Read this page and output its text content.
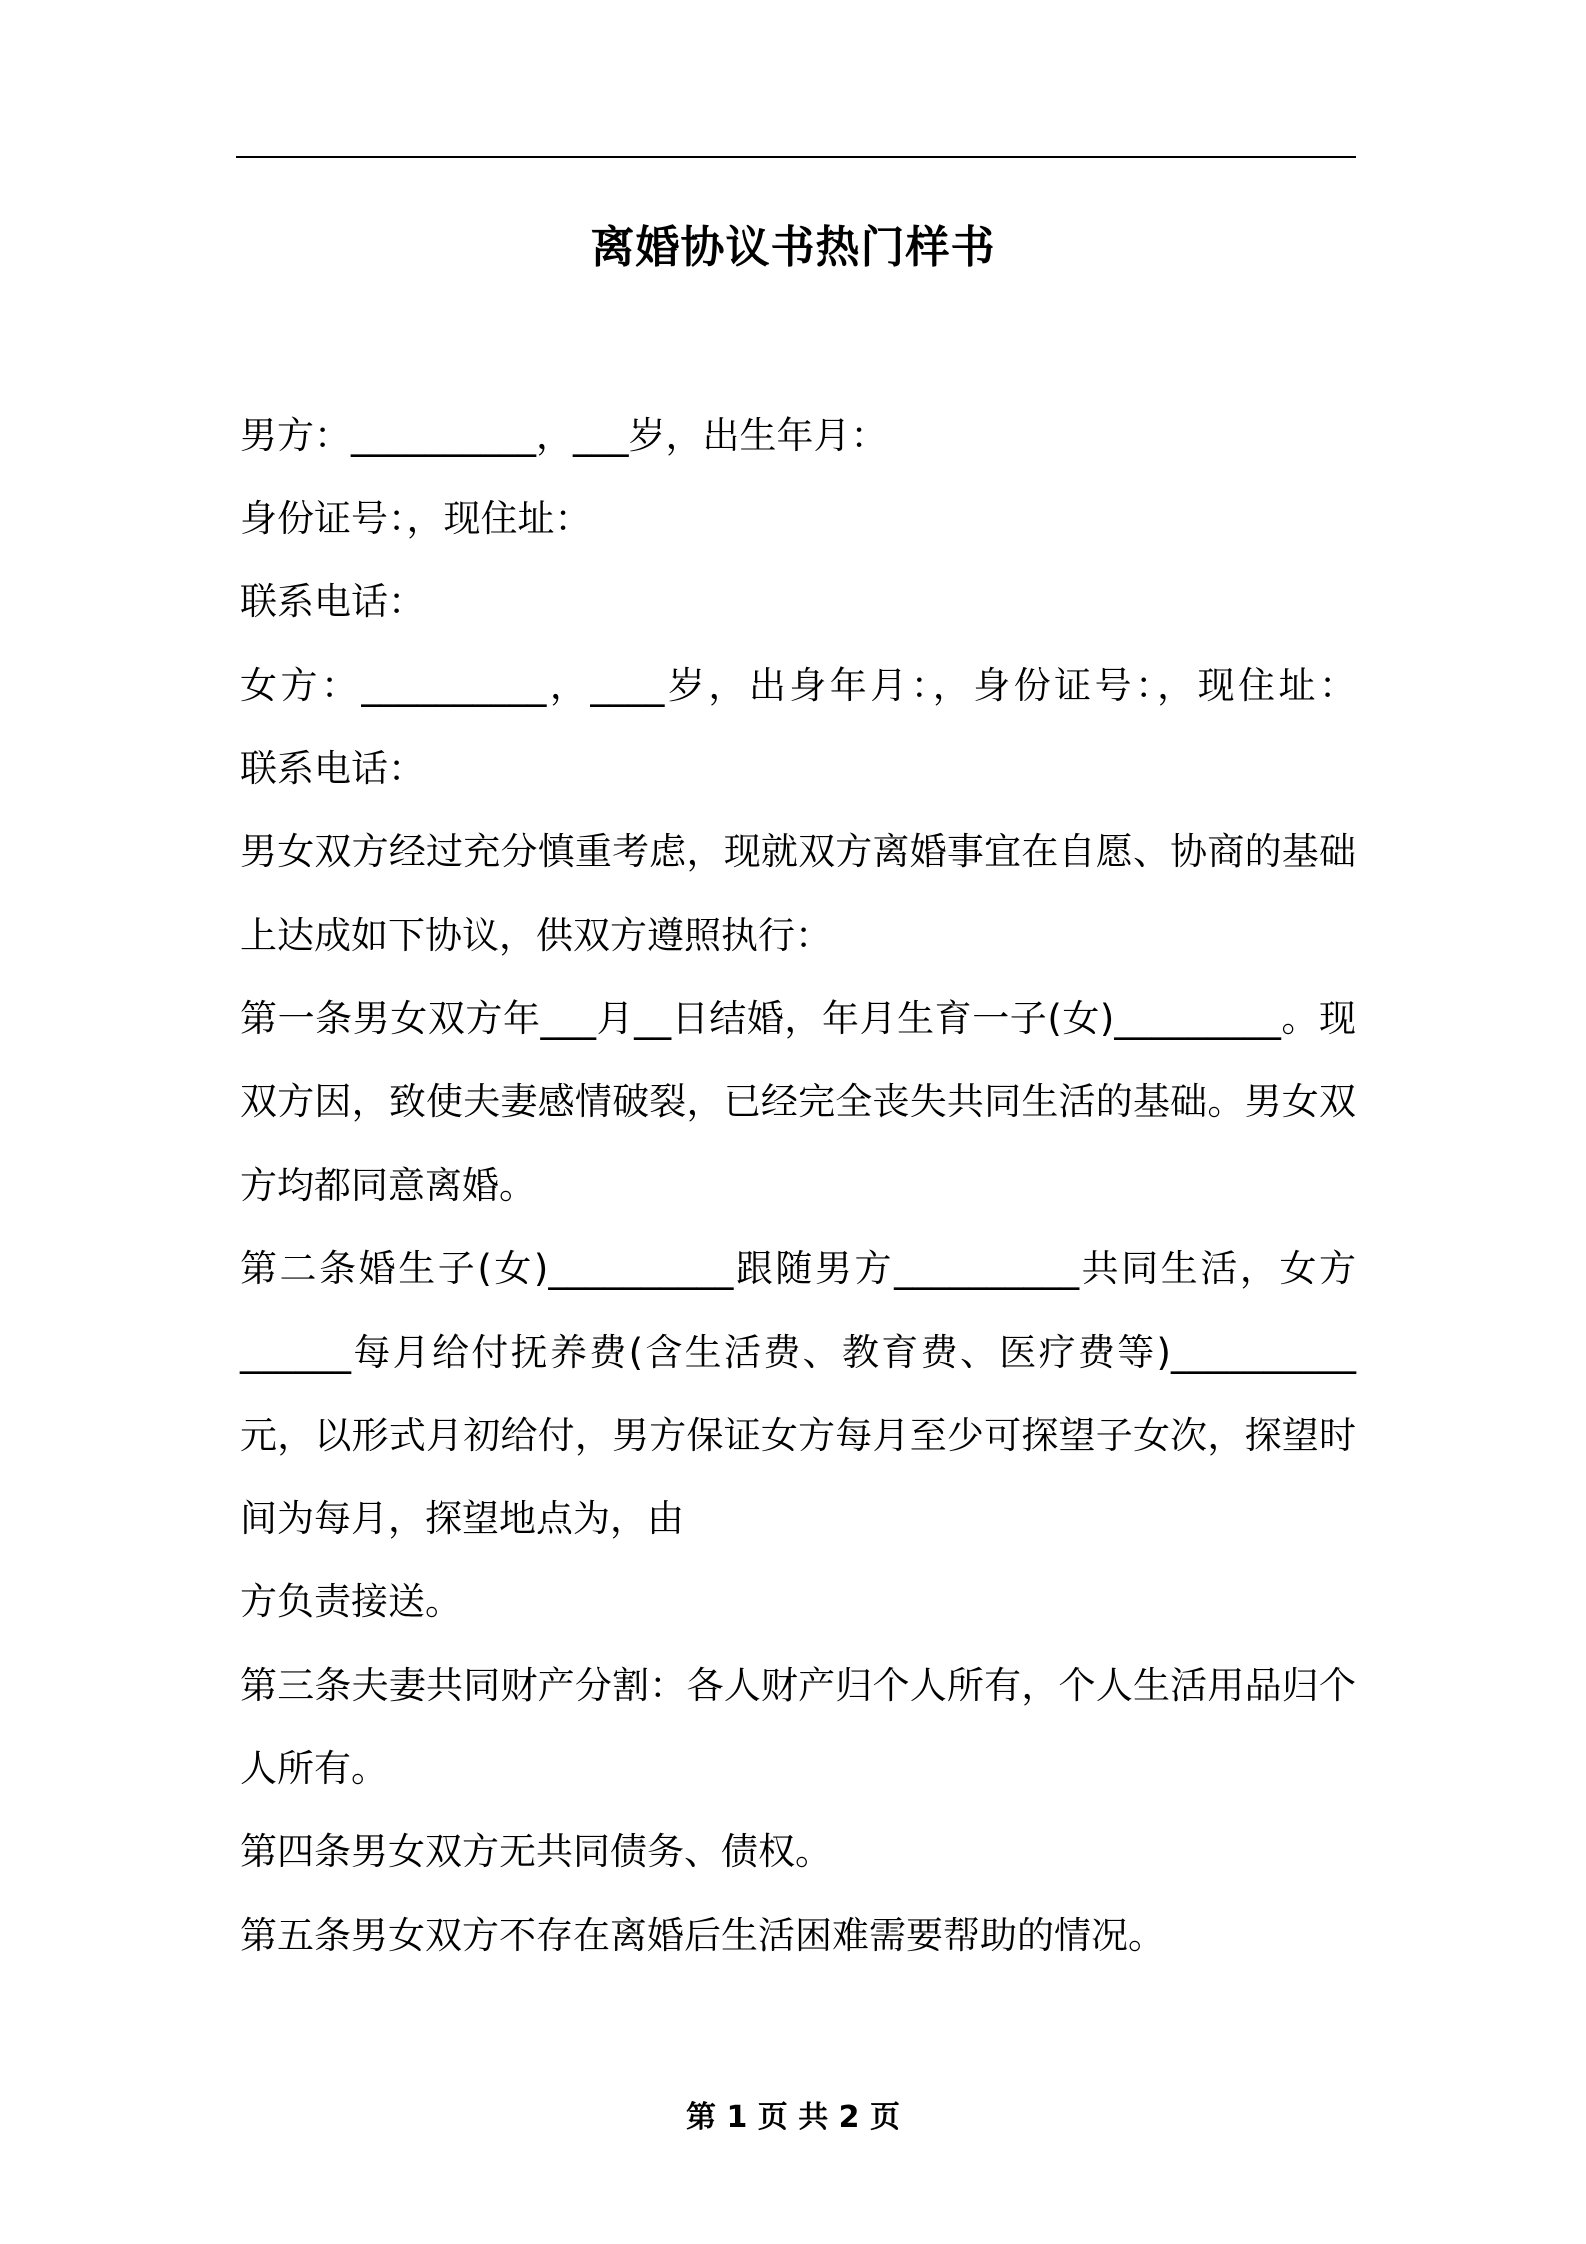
离婚协议书热门样书
男方：__________，___岁，出生年月：
身份证号：，现住址：
联系电话：
女方：__________，____岁，出身年月：，身份证号：，现住址：
联系电话：
男女双方经过充分慎重考虑，现就双方离婚事宜在自愿、协商的基础
上达成如下协议，供双方遵照执行：
第一条男女双方年___月__日结婚，年月生育一子(女)_________。现
双方因，致使夫妻感情破裂，已经完全丧失共同生活的基础。男女双
方均都同意离婚。
第二条婚生子(女)__________跟随男方__________共同生活，女方
______每月给付抚养费(含生活费、教育费、医疗费等)__________
元，以形式月初给付，男方保证女方每月至少可探望子女次，探望时
间为每月，探望地点为，由
方负责接送。
第三条夫妻共同财产分割：各人财产归个人所有，个人生活用品归个
人所有。
第四条男女双方无共同债务、债权。
第五条男女双方不存在离婚后生活困难需要帮助的情况。
第 1 页 共 2 页
